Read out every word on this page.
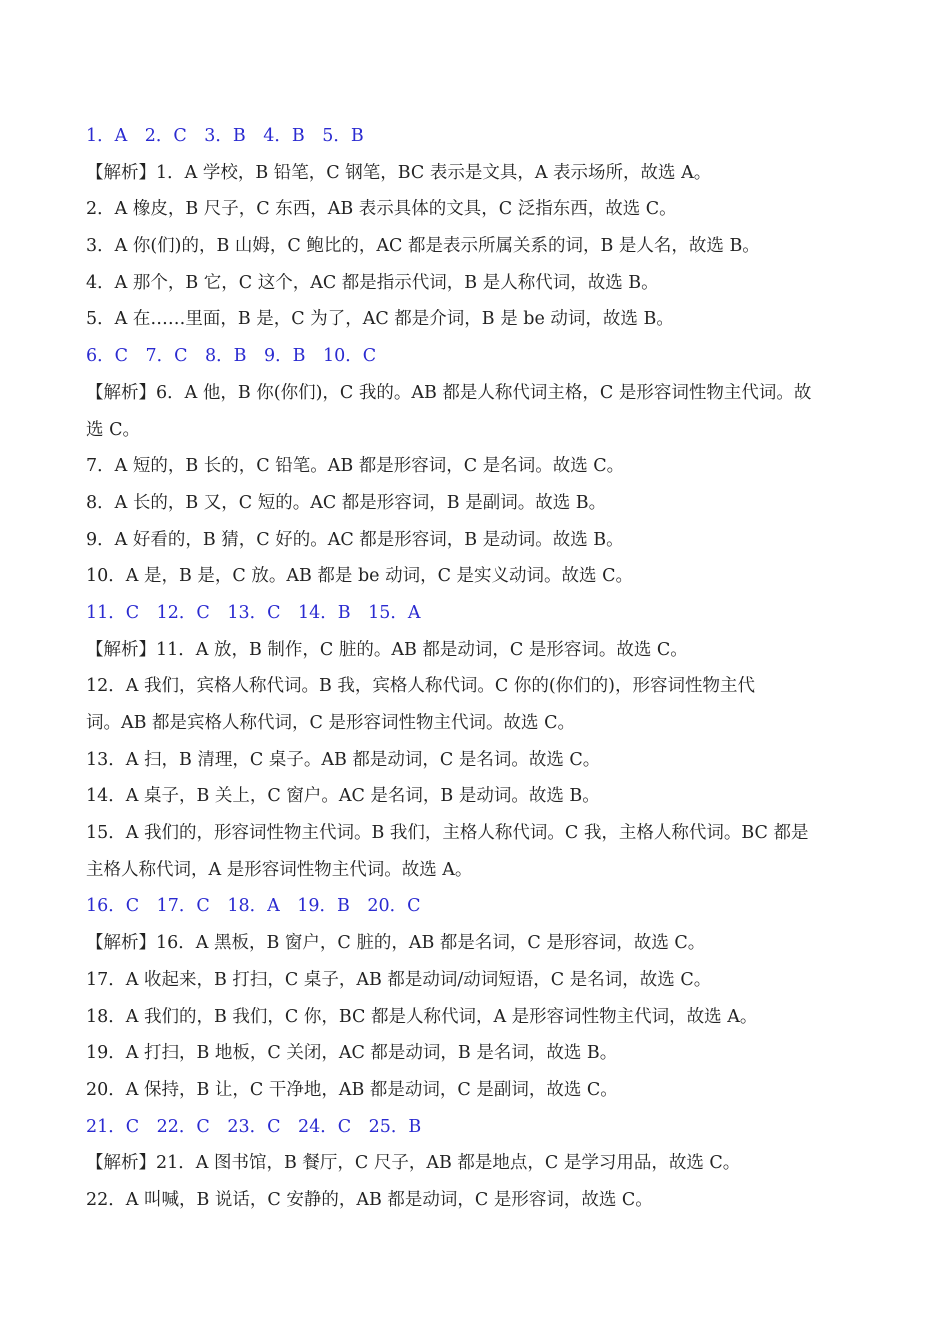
1．A　2．C　3．B　4．B　5．B
【解析】1．A 学校，B 铅笔，C 钢笔，BC 表示是文具，A 表示场所，故选 A。
2．A 橡皮，B 尺子，C 东西，AB 表示具体的文具，C 泛指东西，故选 C。
3．A 你(们)的，B 山姆，C 鲍比的，AC 都是表示所属关系的词，B 是人名，故选 B。
4．A 那个，B 它，C 这个，AC 都是指示代词，B 是人称代词，故选 B。
5．A 在……里面，B 是，C 为了，AC 都是介词，B 是 be 动词，故选 B。
6．C　7．C　8．B　9．B　10．C
【解析】6．A 他，B 你(你们)，C 我的。AB 都是人称代词主格，C 是形容词性物主代词。故
选 C。
7．A 短的，B 长的，C 铅笔。AB 都是形容词，C 是名词。故选 C。
8．A 长的，B 又，C 短的。AC 都是形容词，B 是副词。故选 B。
9．A 好看的，B 猜，C 好的。AC 都是形容词，B 是动词。故选 B。
10．A 是，B 是，C 放。AB 都是 be 动词，C 是实义动词。故选 C。
11．C　12．C　13．C　14．B　15．A
【解析】11．A 放，B 制作，C 脏的。AB 都是动词，C 是形容词。故选 C。
12．A 我们，宾格人称代词。B 我，宾格人称代词。C 你的(你们的)，形容词性物主代
词。AB 都是宾格人称代词，C 是形容词性物主代词。故选 C。
13．A 扫，B 清理，C 桌子。AB 都是动词，C 是名词。故选 C。
14．A 桌子，B 关上，C 窗户。AC 是名词，B 是动词。故选 B。
15．A 我们的，形容词性物主代词。B 我们，主格人称代词。C 我，主格人称代词。BC 都是
主格人称代词，A 是形容词性物主代词。故选 A。
16．C　17．C　18．A　19．B　20．C
【解析】16．A 黑板，B 窗户，C 脏的，AB 都是名词，C 是形容词，故选 C。
17．A 收起来，B 打扫，C 桌子，AB 都是动词/动词短语，C 是名词，故选 C。
18．A 我们的，B 我们，C 你，BC 都是人称代词，A 是形容词性物主代词，故选 A。
19．A 打扫，B 地板，C 关闭，AC 都是动词，B 是名词，故选 B。
20．A 保持，B 让，C 干净地，AB 都是动词，C 是副词，故选 C。
21．C　22．C　23．C　24．C　25．B
【解析】21．A 图书馆，B 餐厅，C 尺子，AB 都是地点，C 是学习用品，故选 C。
22．A 叫喊，B 说话，C 安静的，AB 都是动词，C 是形容词，故选 C。
